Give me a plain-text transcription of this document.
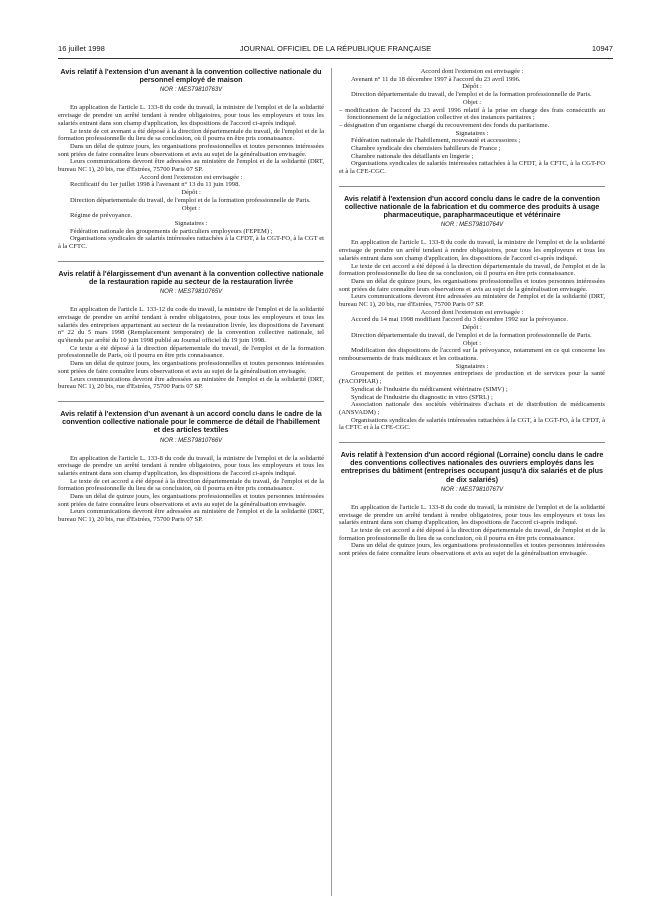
16 juillet 1998	JOURNAL OFFICIEL DE LA RÉPUBLIQUE FRANÇAISE	10947
Avis relatif à l'extension d'un avenant à la convention collective nationale du personnel employé de maison
NOR : MEST9810763V

En application de l'article L. 133-8 du code du travail, la ministre de l'emploi et de la solidarité envisage de prendre un arrêté tendant à rendre obligatoires, pour tous les employeurs et tous les salariés entrant dans son champ d'application, les dispositions de l'accord ci-après indiqué.

Le texte de cet avenant a été déposé à la direction départementale du travail, de l'emploi et de la formation professionnelle du lieu de sa conclusion, où il pourra en être pris connaissance.

Dans un délai de quinze jours, les organisations professionnelles et toutes personnes intéressées sont priées de faire connaître leurs observations et avis au sujet de la généralisation envisagée.

Leurs communications devront être adressées au ministère de l'emploi et de la solidarité (DRT, bureau NC 1), 20 bis, rue d'Estrées, 75700 Paris 07 SP.

Accord dont l'extension est envisagée :

Rectificatif du 1er juillet 1998 à l'avenant n° 13 du 11 juin 1998.

Dépôt :

Direction départementale du travail, de l'emploi et de la formation professionnelle de Paris.

Objet :

Régime de prévoyance.

Signataires :

Fédération nationale des groupements de particuliers employeurs (FEPEM) ;

Organisations syndicales de salariés intéressées rattachées à la CFDT, à la CGT-FO, à la CGT et à la CFTC.

Avis relatif à l'élargissement d'un avenant à la convention collective nationale de la restauration rapide au secteur de la restauration livrée
NOR : MEST9810765V

En application de l'article L. 133-12 du code du travail, la ministre de l'emploi et de la solidarité envisage de prendre un arrêté tendant à rendre obligatoires, pour tous les employeurs et tous les salariés des entreprises appartenant au secteur de la restauration livrée, les dispositions de l'avenant n° 22 du 5 mars 1998 (Remplacement temporaire) de la convention collective nationale, tel qu'étendu par arrêté du 10 juin 1998 publié au Journal officiel du 19 juin 1998.

Ce texte a été déposé à la direction départementale du travail, de l'emploi et de la formation professionnelle de Paris, où il pourra en être pris connaissance.

Dans un délai de quinze jours, les organisations professionnelles et toutes personnes intéressées sont priées de faire connaître leurs observations et avis au sujet de la généralisation envisagée.

Leurs communications devront être adressées au ministère de l'emploi et de la solidarité (DRT, bureau NC 1), 20 bis, rue d'Estrées, 75700 Paris 07 SP.

Avis relatif à l'extension d'un avenant à un accord conclu dans le cadre de la convention collective nationale pour le commerce de détail de l'habillement et des articles textiles
NOR : MEST9810766V

En application de l'article L. 133-8 du code du travail, la ministre de l'emploi et de la solidarité envisage de prendre un arrêté tendant à rendre obligatoires, pour tous les employeurs et tous les salariés entrant dans son champ d'application, les dispositions de l'accord ci-après indiqué.

Le texte de cet accord a été déposé à la direction départementale du travail, de l'emploi et de la formation professionnelle du lieu de sa conclusion, où il pourra en être pris connaissance.

Dans un délai de quinze jours, les organisations professionnelles et toutes personnes intéressées sont priées de faire connaître leurs observations et avis au sujet de la généralisation envisagée.

Leurs communications devront être adressées au ministère de l'emploi et de la solidarité (DRT, bureau NC 1), 20 bis, rue d'Estrées, 75700 Paris 07 SP.

Accord dont l'extension est envisagée :

Avenant n° 11 du 18 décembre 1997 à l'accord du 23 avril 1996.

Dépôt :

Direction départementale du travail, de l'emploi et de la formation professionnelle de Paris.

Objet :

– modification de l'accord du 23 avril 1996 relatif à la prise en charge des frais consécutifs au fonctionnement de la négociation collective et des instances paritaires ;

– désignation d'un organisme chargé du recouvrement des fonds du paritarisme.

Signataires :

Fédération nationale de l'habillement, nouveauté et accessoires ;

Chambre syndicale des chemisiers habilleurs de France ;

Chambre nationale des détaillants en lingerie ;

Organisations syndicales de salariés intéressées rattachées à la CFDT, à la CFTC, à la CGT-FO et à la CFE-CGC.

Avis relatif à l'extension d'un accord conclu dans le cadre de la convention collective nationale de la fabrication et du commerce des produits à usage pharmaceutique, parapharmaceutique et vétérinaire
NOR : MEST9810764V

En application de l'article L. 133-8 du code du travail, la ministre de l'emploi et de la solidarité envisage de prendre un arrêté tendant à rendre obligatoires, pour tous les employeurs et tous les salariés entrant dans son champ d'application, les dispositions de l'accord ci-après indiqué.

Le texte de cet accord a été déposé à la direction départementale du travail, de l'emploi et de la formation professionnelle du lieu de sa conclusion, où il pourra en être pris connaissance.

Dans un délai de quinze jours, les organisations professionnelles et toutes personnes intéressées sont priées de faire connaître leurs observations et avis au sujet de la généralisation envisagée.

Leurs communications devront être adressées au ministère de l'emploi et de la solidarité (DRT, bureau NC 1), 20 bis, rue d'Estrées, 75700 Paris 07 SP.

Accord dont l'extension est envisagée :

Accord du 14 mai 1998 modifiant l'accord du 3 décembre 1992 sur la prévoyance.

Dépôt :

Direction départementale du travail, de l'emploi et de la formation professionnelle de Paris.

Objet :

Modification des dispositions de l'accord sur la prévoyance, notamment en ce qui concerne les remboursements de frais médicaux et les cotisations.

Signataires :

Groupement de petites et moyennes entreprises de production et de services pour la santé (FACOPHAR) ;

Syndicat de l'industrie du médicament vétérinaire (SIMV) ;

Syndicat de l'industrie du diagnostic in vitro (SFRL) ;

Association nationale des sociétés vétérinaires d'achats et de distribution de médicaments (ANSVADM) ;

Organisations syndicales de salariés intéressées rattachées à la CGT, à la CGT-FO, à la CFDT, à la CFTC et à la CFE-CGC.

Avis relatif à l'extension d'un accord régional (Lorraine) conclu dans le cadre des conventions collectives nationales des ouvriers employés dans les entreprises du bâtiment (entreprises occupant jusqu'à dix salariés et de plus de dix salariés)
NOR : MEST9810767V

En application de l'article L. 133-8 du code du travail, la ministre de l'emploi et de la solidarité envisage de prendre un arrêté tendant à rendre obligatoires, pour tous les employeurs et tous les salariés entrant dans son champ d'application, les dispositions de l'accord ci-après indiqué.

Le texte de cet accord a été déposé à la direction départementale du travail, de l'emploi et de la formation professionnelle du lieu de sa conclusion, où il pourra en être pris connaissance.

Dans un délai de quinze jours, les organisations professionnelles et toutes personnes intéressées sont priées de faire connaître leurs observations et avis au sujet de la généralisation envisagée.
